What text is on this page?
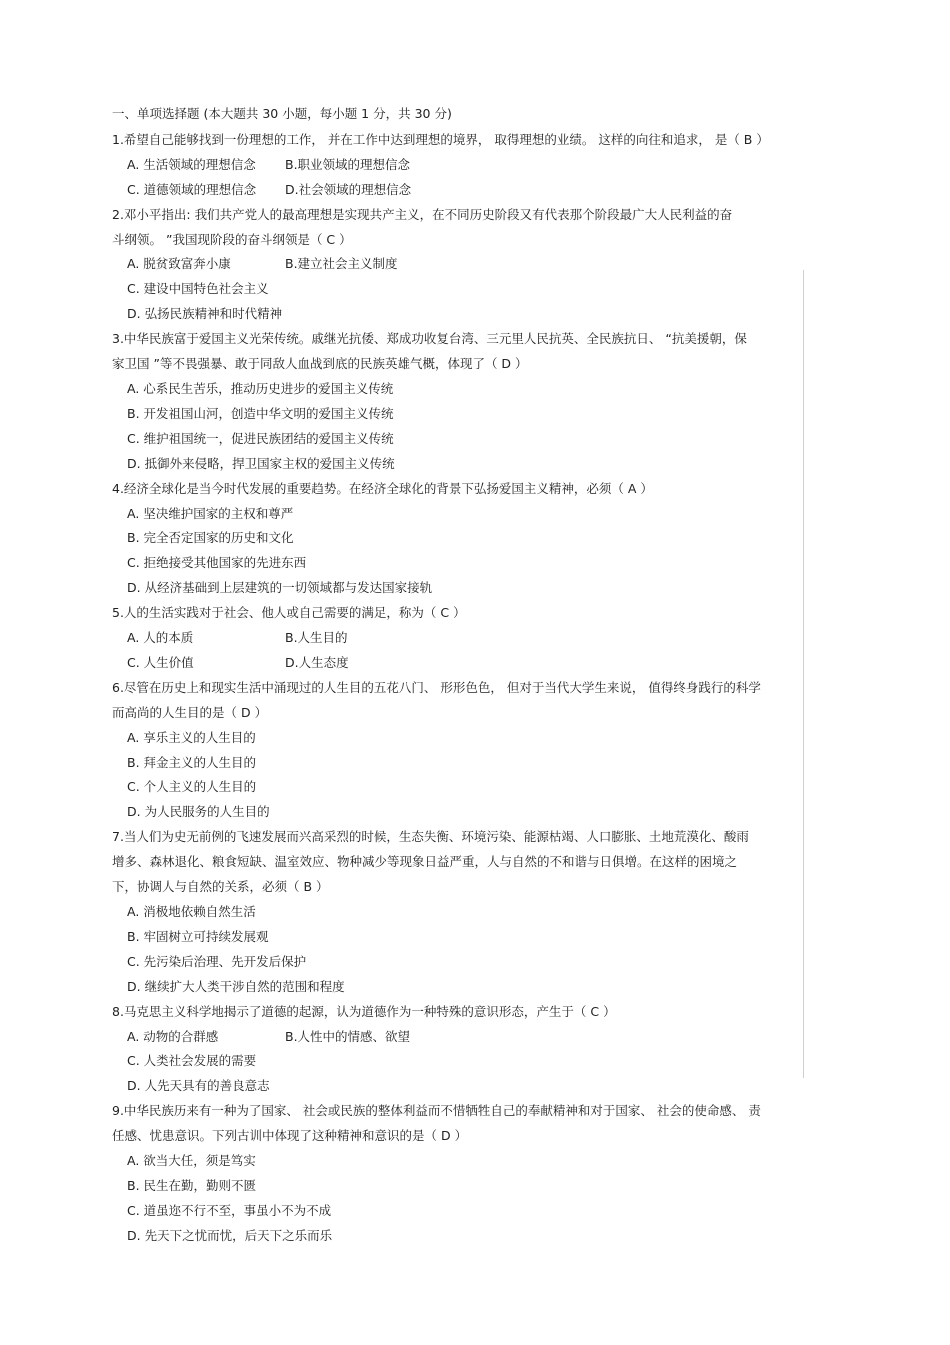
一、单项选择题 (本大题共 30 小题，每小题 1 分，共 30 分)
1.希望自己能够找到一份理想的工作， 并在工作中达到理想的境界， 取得理想的业绩。 这样的向往和追求， 是（ B ）
A. 生活领域的理想信念 B.职业领域的理想信念
C. 道德领域的理想信念 D.社会领域的理想信念
2.邓小平指出: 我们共产党人的最高理想是实现共产主义，在不同历史阶段又有代表那个阶段最广大人民利益的奋
斗纲领。 ”我国现阶段的奋斗纲领是（ C ）
A. 脱贫致富奔小康	B.建立社会主义制度
C. 建设中国特色社会主义
D. 弘扬民族精神和时代精神
3.中华民族富于爱国主义光荣传统。戚继光抗倭、郑成功收复台湾、三元里人民抗英、全民族抗日、 “抗美援朝，保
家卫国 ”等不畏强暴、敢于同敌人血战到底的民族英雄气概，体现了（ D ）
A. 心系民生苦乐，推动历史进步的爱国主义传统
B. 开发祖国山河，创造中华文明的爱国主义传统
C. 维护祖国统一，促进民族团结的爱国主义传统
D. 抵御外来侵略，捍卫国家主权的爱国主义传统
4.经济全球化是当今时代发展的重要趋势。在经济全球化的背景下弘扬爱国主义精神，必须（ A ）
A. 坚决维护国家的主权和尊严
B. 完全否定国家的历史和文化
C. 拒绝接受其他国家的先进东西
D. 从经济基础到上层建筑的一切领域都与发达国家接轨
5.人的生活实践对于社会、他人或自己需要的满足，称为（ C ）
A. 人的本质	B.人生目的
C. 人生价值	D.人生态度
6.尽管在历史上和现实生活中涌现过的人生目的五花八门、 形形色色， 但对于当代大学生来说， 值得终身践行的科学
而高尚的人生目的是（ D ）
A. 享乐主义的人生目的
B. 拜金主义的人生目的
C. 个人主义的人生目的
D. 为人民服务的人生目的
7.当人们为史无前例的飞速发展而兴高采烈的时候，生态失衡、环境污染、能源枯竭、人口膨胀、土地荒漠化、酸雨
增多、森林退化、粮食短缺、温室效应、物种减少等现象日益严重，人与自然的不和谐与日俱增。在这样的困境之
下，协调人与自然的关系，必须（ B ）
A. 消极地依赖自然生活
B. 牢固树立可持续发展观
C. 先污染后治理、先开发后保护
D. 继续扩大人类干涉自然的范围和程度
8.马克思主义科学地揭示了道德的起源，认为道德作为一种特殊的意识形态，产生于（ C ）
A. 动物的合群感	B.人性中的情感、欲望
C. 人类社会发展的需要
D. 人先天具有的善良意志
9.中华民族历来有一种为了国家、 社会或民族的整体利益而不惜牺牲自己的奉献精神和对于国家、 社会的使命感、 责
任感、忧患意识。下列古训中体现了这种精神和意识的是（ D ）
A. 欲当大任，须是笃实
B. 民生在勤，勤则不匮
C. 道虽迩不行不至，事虽小不为不成
D. 先天下之忧而忧，后天下之乐而乐
